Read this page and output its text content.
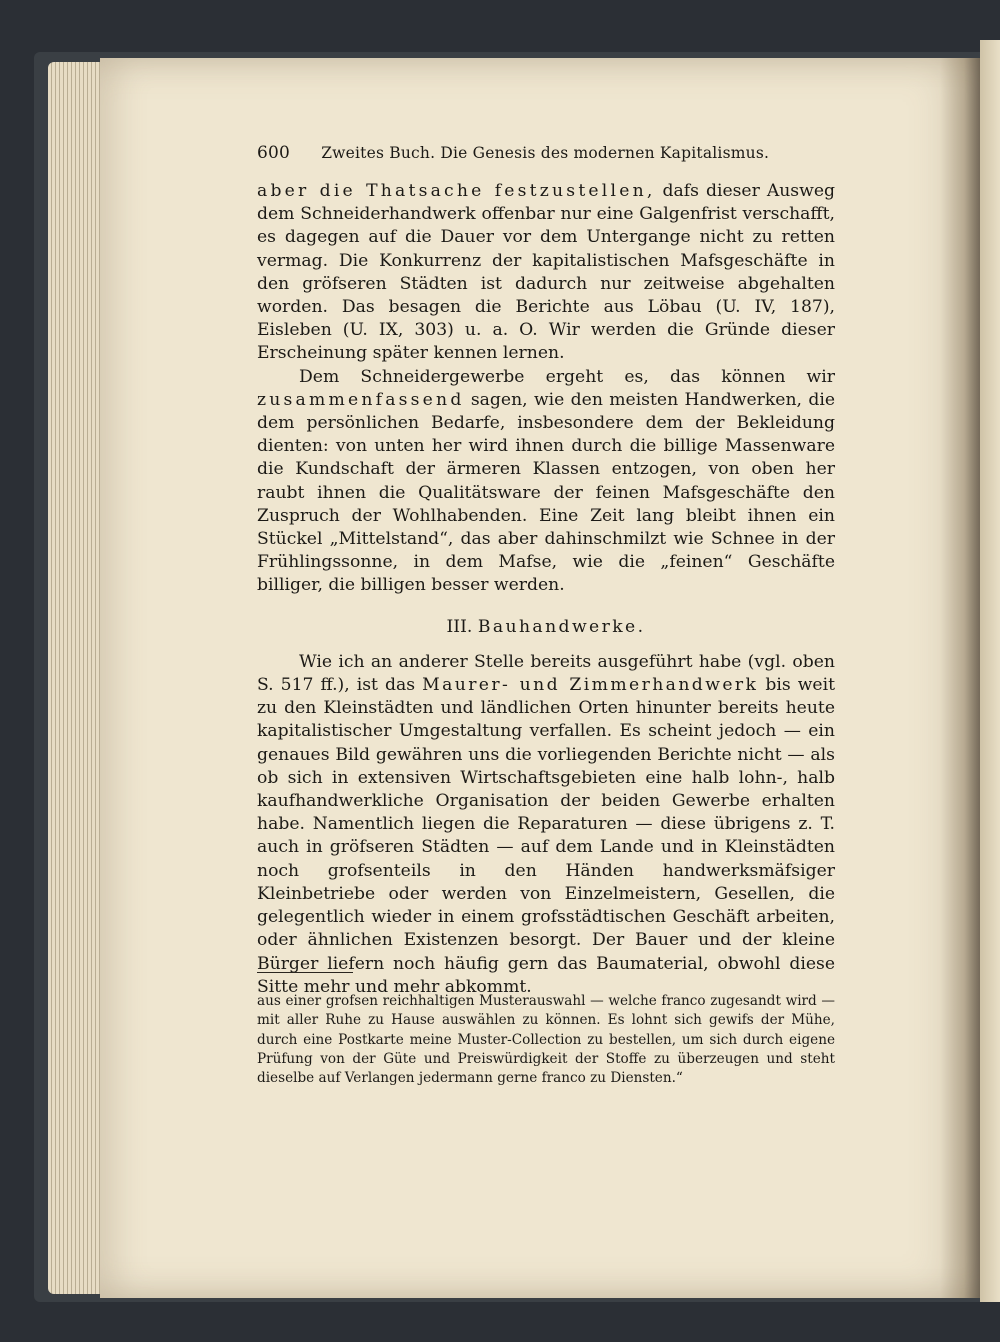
600 Zweites Buch. Die Genesis des modernen Kapitalismus.

aber die Thatsache festzustellen, dafs dieser Ausweg dem Schneiderhandwerk offenbar nur eine Galgenfrist verschafft, es dagegen auf die Dauer vor dem Untergange nicht zu retten vermag. Die Konkurrenz der kapitalistischen Mafsgeschäfte in den gröfseren Städten ist dadurch nur zeitweise abgehalten worden. Das besagen die Berichte aus Löbau (U. IV, 187), Eisleben (U. IX, 303) u. a. O. Wir werden die Gründe dieser Erscheinung später kennen lernen.

Dem Schneidergewerbe ergeht es, das können wir zusammenfassend sagen, wie den meisten Handwerken, die dem persönlichen Bedarfe, insbesondere dem der Bekleidung dienten: von unten her wird ihnen durch die billige Massenware die Kundschaft der ärmeren Klassen entzogen, von oben her raubt ihnen die Qualitätsware der feinen Mafsgeschäfte den Zuspruch der Wohlhabenden. Eine Zeit lang bleibt ihnen ein Stückel „Mittelstand“, das aber dahinschmilzt wie Schnee in der Frühlingssonne, in dem Mafse, wie die „feinen“ Geschäfte billiger, die billigen besser werden.

III. Bauhandwerke.

Wie ich an anderer Stelle bereits ausgeführt habe (vgl. oben S. 517 ff.), ist das Maurer- und Zimmerhandwerk bis weit zu den Kleinstädten und ländlichen Orten hinunter bereits heute kapitalistischer Umgestaltung verfallen. Es scheint jedoch — ein genaues Bild gewähren uns die vorliegenden Berichte nicht — als ob sich in extensiven Wirtschaftsgebieten eine halb lohn-, halb kaufhandwerkliche Organisation der beiden Gewerbe erhalten habe. Namentlich liegen die Reparaturen — diese übrigens z. T. auch in gröfseren Städten — auf dem Lande und in Kleinstädten noch grofsenteils in den Händen handwerksmäfsiger Kleinbetriebe oder werden von Einzelmeistern, Gesellen, die gelegentlich wieder in einem grofsstädtischen Geschäft arbeiten, oder ähnlichen Existenzen besorgt. Der Bauer und der kleine Bürger liefern noch häufig gern das Baumaterial, obwohl diese Sitte mehr und mehr abkommt.

aus einer grofsen reichhaltigen Musterauswahl — welche franco zugesandt wird — mit aller Ruhe zu Hause auswählen zu können. Es lohnt sich gewifs der Mühe, durch eine Postkarte meine Muster-Collection zu bestellen, um sich durch eigene Prüfung von der Güte und Preiswürdigkeit der Stoffe zu überzeugen und steht dieselbe auf Verlangen jedermann gerne franco zu Diensten.“
